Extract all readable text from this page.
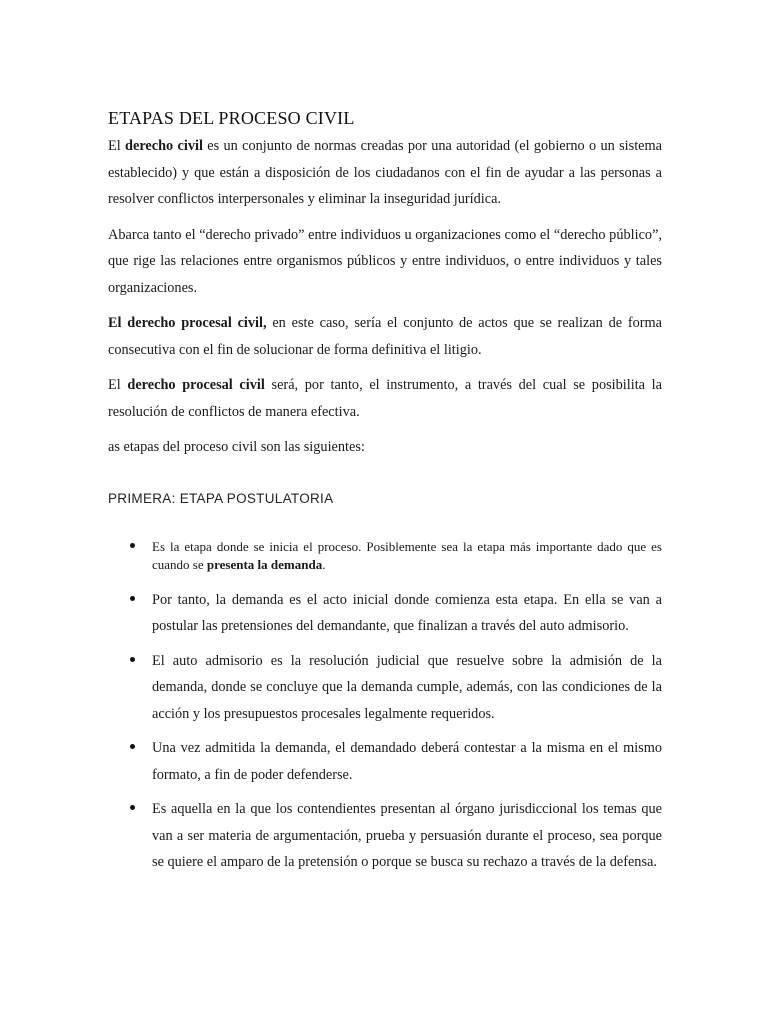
ETAPAS DEL PROCESO CIVIL

El derecho civil es un conjunto de normas creadas por una autoridad (el gobierno o un sistema establecido) y que están a disposición de los ciudadanos con el fin de ayudar a las personas a resolver conflictos interpersonales y eliminar la inseguridad jurídica.

Abarca tanto el “derecho privado” entre individuos u organizaciones como el “derecho público”, que rige las relaciones entre organismos públicos y entre individuos, o entre individuos y tales organizaciones.

El derecho procesal civil, en este caso, sería el conjunto de actos que se realizan de forma consecutiva con el fin de solucionar de forma definitiva el litigio.

El derecho procesal civil será, por tanto, el instrumento, a través del cual se posibilita la resolución de conflictos de manera efectiva.

as etapas del proceso civil son las siguientes:

PRIMERA: ETAPA POSTULATORIA
Es la etapa donde se inicia el proceso. Posiblemente sea la etapa más importante dado que es cuando se presenta la demanda.
Por tanto, la demanda es el acto inicial donde comienza esta etapa. En ella se van a postular las pretensiones del demandante, que finalizan a través del auto admisorio.
El auto admisorio es la resolución judicial que resuelve sobre la admisión de la demanda, donde se concluye que la demanda cumple, además, con las condiciones de la acción y los presupuestos procesales legalmente requeridos.
Una vez admitida la demanda, el demandado deberá contestar a la misma en el mismo formato, a fin de poder defenderse.
Es aquella en la que los contendientes presentan al órgano jurisdiccional los temas que van a ser materia de argumentación, prueba y persuasión durante el proceso, sea porque se quiere el amparo de la pretensión o porque se busca su rechazo a través de la defensa.
